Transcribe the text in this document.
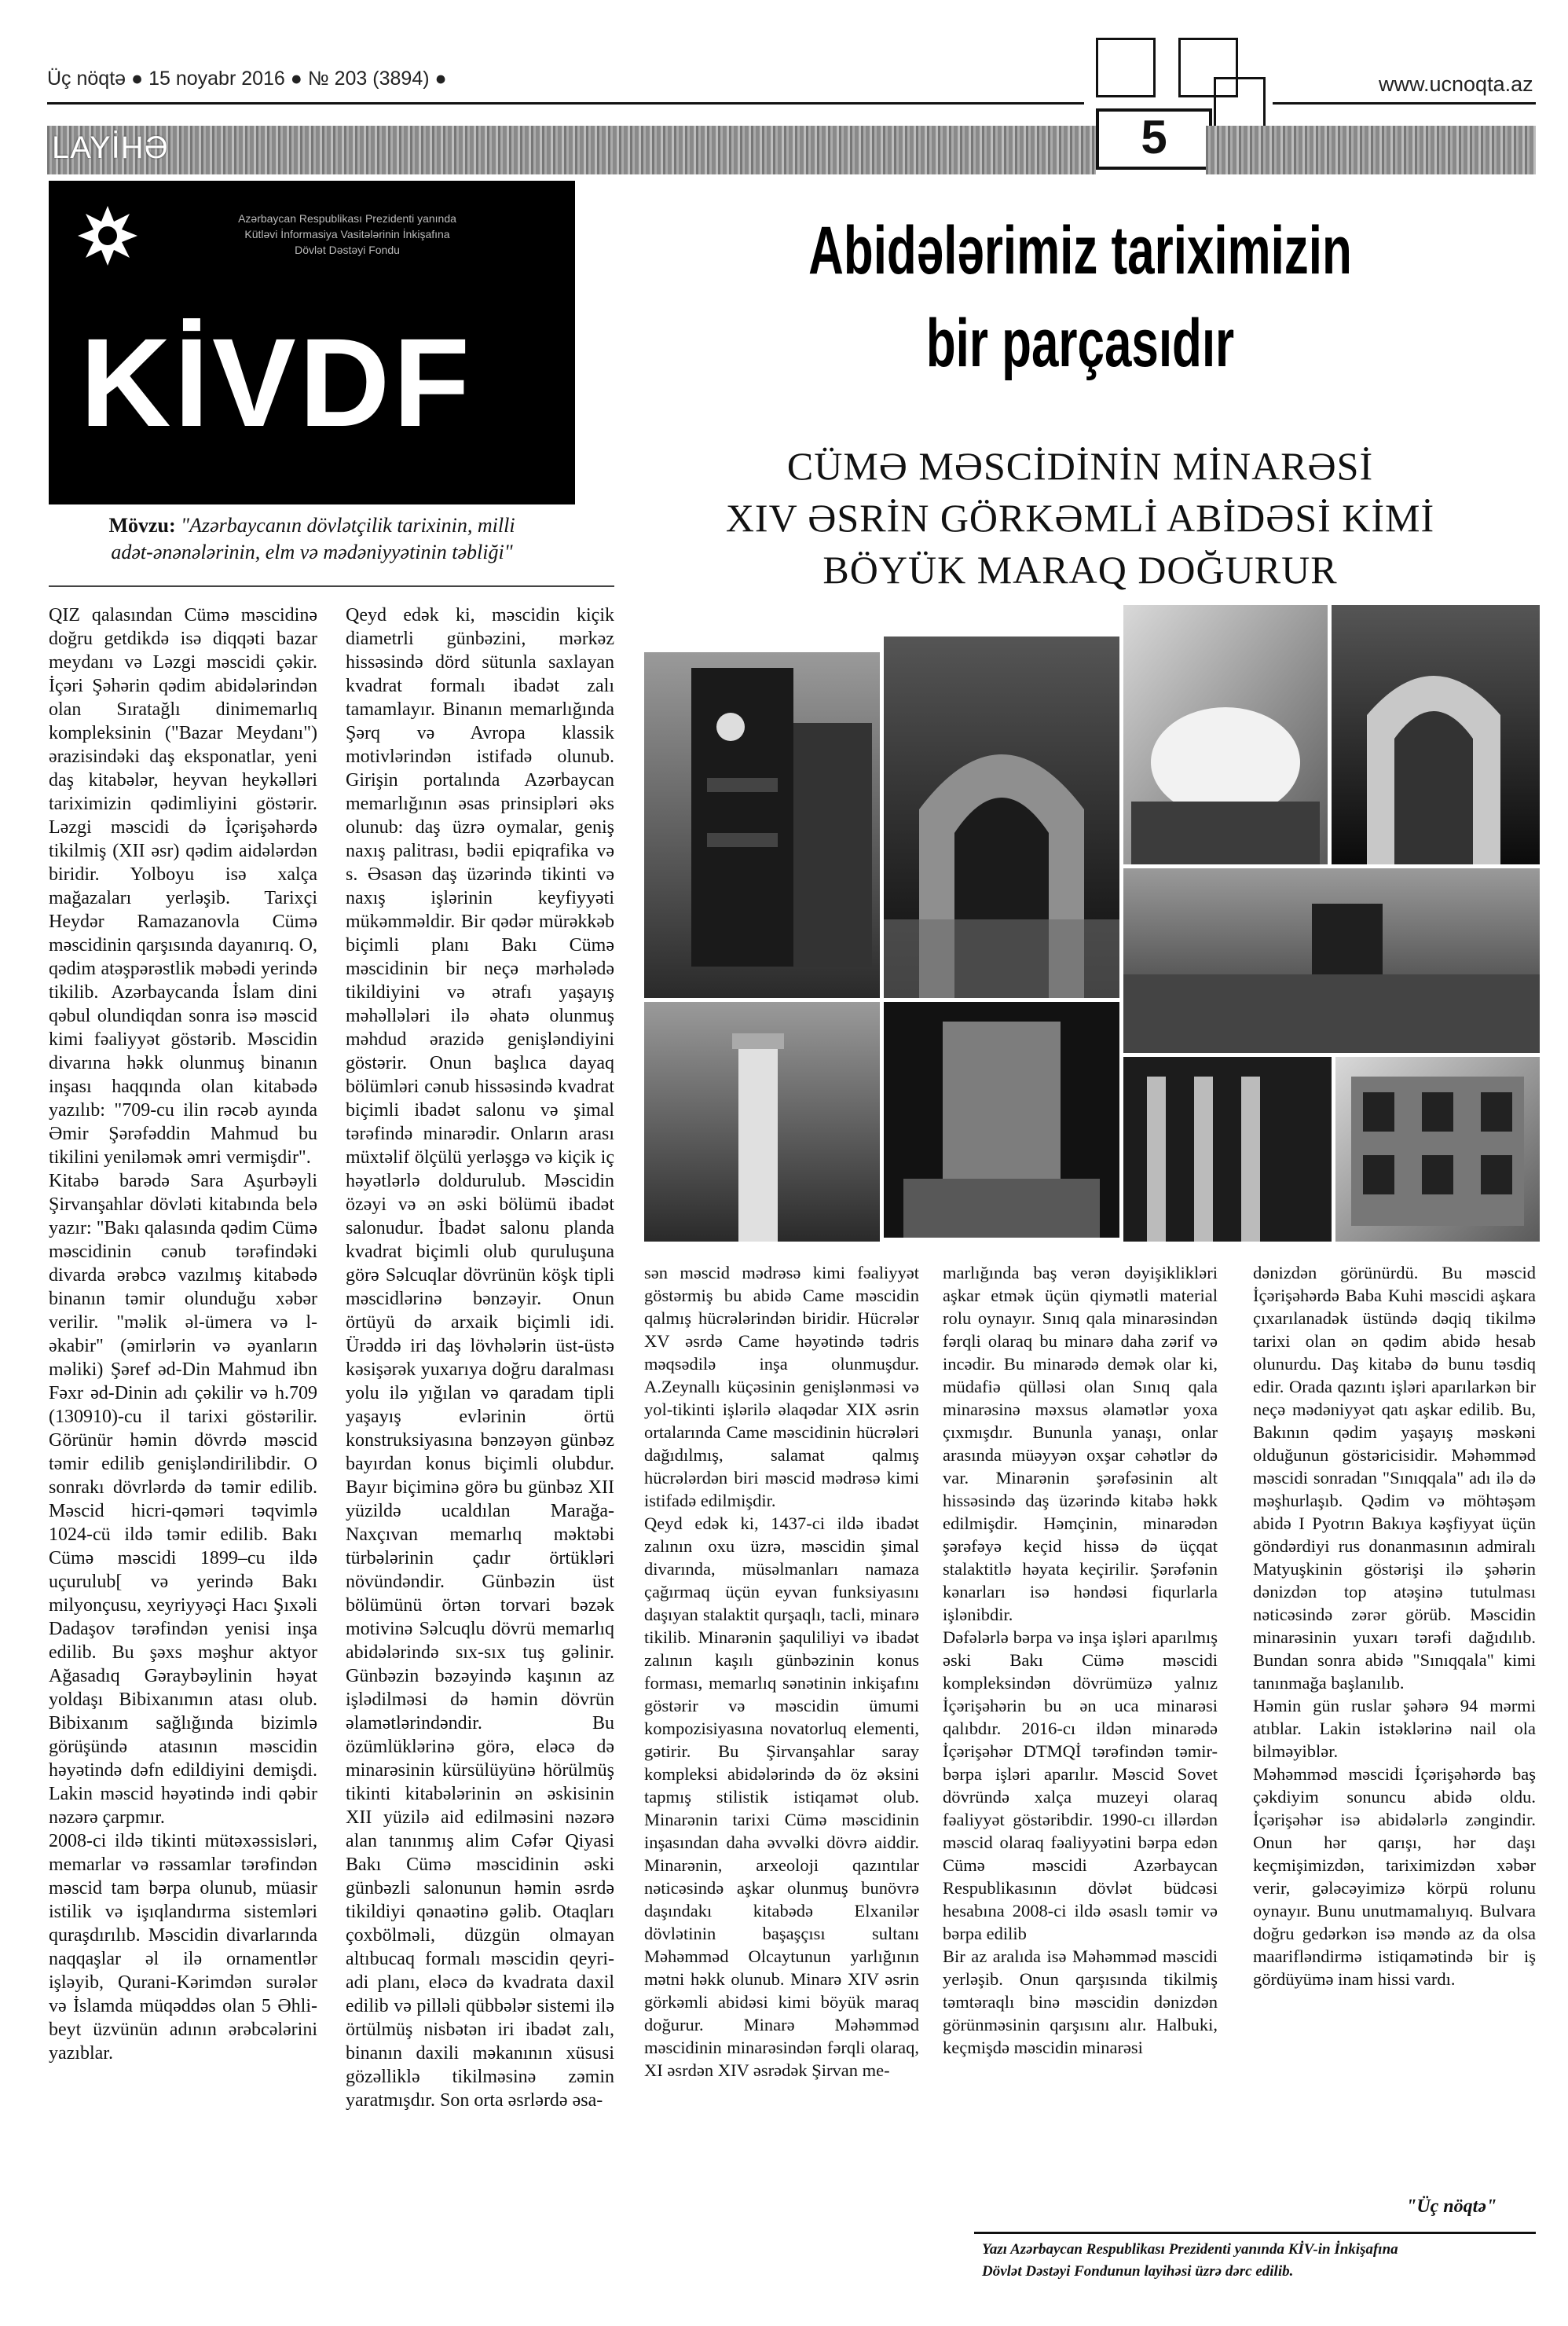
Üç nöqtə ● 15 noyabr 2016 ● № 203 (3894) ●
5
www.ucnoqta.az
LAYİHƏ
Azərbaycan Respublikası Prezidenti yanında
Kütləvi İnformasiya Vasitələrinin İnkişafına
Dövlət Dəstəyi Fondu
KİVDF
Mövzu: "Azərbaycanın dövlətçilik tarixinin, milli
adət-ənənələrinin, elm və mədəniyyətinin təbliği"
Abidələrimiz tariximizin
bir parçasıdır
CÜMƏ MƏSCİDİNİN MİNARƏSİ
XIV ƏSRİN GÖRKƏMLİ ABİDƏSİ KİMİ
BÖYÜK MARAQ DOĞURUR
QIZ qalasından Cümə məscidinə doğru getdikdə isə diqqəti bazar meydanı və Ləzgi məscidi çəkir. İçəri Şəhərin qədim abidələrindən olan Sıratağlı dinimemarlıq kompleksinin ("Bazar Meydanı") ərazisindəki daş eksponatlar, yeni daş kitabələr, heyvan heykəlləri tariximizin qədimliyini göstərir. Ləzgi məscidi də İçərişəhərdə tikilmiş (XII əsr) qədim aidələrdən biridir. Yolboyu isə xalça mağazaları yerləşib. Tarixçi Heydər Ramazanovla Cümə məscidinin qarşısında dayanırıq. O, qədim atəşpərəstlik məbədi yerində tikilib. Azərbaycanda İslam dini qəbul olundiqdan sonra isə məscid kimi fəaliyyət göstərib. Məscidin divarına həkk olunmuş binanın inşası haqqında olan kitabədə yazılıb: "709-cu ilin rəcəb ayında Əmir Şərəfəddin Mahmud bu tikilini yeniləmək əmri vermişdir".
Kitabə barədə Sara Aşurbəyli Şirvanşahlar dövləti kitabında belə yazır: "Bakı qalasında qədim Cümə məscidinin cənub tərəfindəki divarda ərəbcə vazılmış kitabədə binanın təmir olunduğu xəbər verilir. "məlik əl-ümera və l-əkabir" (əmirlərin və əyanların məliki) Şəref əd-Din Mahmud ibn Fəxr əd-Dinin adı çəkilir və h.709 (130910)-cu il tarixi göstərilir. Görünür həmin dövrdə məscid təmir edilib genişləndirilibdir. O sonrakı dövrlərdə də təmir edilib. Məscid hicri-qəməri təqvimlə 1024-cü ildə təmir edilib. Bakı Cümə məscidi 1899–cu ildə uçurulub[ və yerində Bakı milyonçusu, xeyriyyəçi Hacı Şıxəli Dadaşov tərəfindən yenisi inşa edilib. Bu şəxs məşhur aktyor Ağasadıq Gəraybəylinin həyat yoldaşı Bibixanımın atası olub. Bibixanım sağlığında bizimlə görüşündə atasının məscidin həyətində dəfn edildiyini demişdi. Lakin məscid həyətində indi qəbir nəzərə çarpmır.
2008-ci ildə tikinti mütəxəssisləri, memarlar və rəssamlar tərəfindən məscid tam bərpa olunub, müasir istilik və işıqlandırma sistemləri quraşdırılıb. Məscidin divarlarında naqqaşlar əl ilə ornamentlər işləyib, Qurani-Kərimdən surələr və İslamda müqəddəs olan 5 Əhli-beyt üzvünün adının ərəbcələrini yazıblar.
Qeyd edək ki, məscidin kiçik diametrli günbəzini, mərkəz hissəsində dörd sütunla saxlayan kvadrat formalı ibadət zalı tamamlayır. Binanın memarlığında Şərq və Avropa klassik motivlərindən istifadə olunub. Girişin portalında Azərbaycan memarlığının əsas prinsipləri əks olunub: daş üzrə oymalar, geniş naxış palitrası, bədii epiqrafika və s. Əsasən daş üzərində tikinti və naxış işlərinin keyfiyyəti mükəmməldir. Bir qədər mürəkkəb biçimli planı Bakı Cümə məscidinin bir neçə mərhələdə tikildiyini və ətrafı yaşayış məhəllələri ilə əhatə olunmuş məhdud ərazidə genişləndiyini göstərir. Onun başlıca dayaq bölümləri cənub hissəsində kvadrat biçimli ibadət salonu və şimal tərəfində minarədir. Onların arası müxtəlif ölçülü yerləşgə və kiçik iç həyətlərlə doldurulub. Məscidin özəyi və ən əski bölümü ibadət salonudur. İbadət salonu planda kvadrat biçimli olub quruluşuna görə Səlcuqlar dövrünün köşk tipli məscidlərinə bənzəyir. Onun örtüyü də arxaik biçimli idi. Ürəddə iri daş lövhələrin üst-üstə kəsişərək yuxarıya doğru daralması yolu ilə yığılan və qaradam tipli yaşayış evlərinin örtü konstruksiyasına bənzəyən günbəz bayırdan konus biçimli olubdur. Bayır biçiminə görə bu günbəz XII yüzildə ucaldılan Marağa-Naxçıvan memarlıq məktəbi türbələrinin çadır örtükləri növündəndir. Günbəzin üst bölümünü örtən torvari bəzək motivinə Səlcuqlu dövrü memarlıq abidələrində sıx-sıx tuş gəlinir. Günbəzin bəzəyində kaşının az işlədilməsi də həmin dövrün əlamətlərindəndir. Bu özümlüklərinə görə, eləcə də minarəsinin kürsülüyünə hörülmüş tikinti kitabələrinin ən əskisinin XII yüzilə aid edilməsini nəzərə alan tanınmış alim Cəfər Qiyasi Bakı Cümə məscidinin əski günbəzli salonunun həmin əsrdə tikildiyi qənaətinə gəlib. Otaqları çoxbölməli, düzgün olmayan altıbucaq formalı məscidin qeyri-adi planı, eləcə də kvadrata daxil edilib və pilləli qübbələr sistemi ilə örtülmüş nisbətən iri ibadət zalı, binanın daxili məkanının xüsusi gözəlliklə tikilməsinə zəmin yaratmışdır. Son orta əsrlərdə əsa-
sən məscid mədrəsə kimi fəaliyyət göstərmiş bu abidə Came məscidin qalmış hücrələrindən biridir. Hücrələr XV əsrdə Came həyətində tədris məqsədilə inşa olunmuşdur. A.Zeynallı küçəsinin genişlənməsi və yol-tikinti işlərilə əlaqədar XIX əsrin ortalarında Came məscidinin hücrələri dağıdılmış, salamat qalmış hücrələrdən biri məscid mədrəsə kimi istifadə edilmişdir.
Qeyd edək ki, 1437-ci ildə ibadət zalının oxu üzrə, məscidin şimal divarında, müsəlmanları namaza çağırmaq üçün eyvan funksiyasını daşıyan stalaktit qurşaqlı, tacli, minarə tikilib. Minarənin şaquliliyi və ibadət zalının kaşılı günbəzinin konus forması, memarlıq sənətinin inkişafını göstərir və məscidin ümumi kompozisiyasına novatorluq elementi, gətirir. Bu Şirvanşahlar saray kompleksi abidələrində də öz əksini tapmış stilistik istiqamət olub. Minarənin tarixi Cümə məscidinin inşasından daha əvvəlki dövrə aiddir. Minarənin, arxeoloji qazıntılar nəticəsində aşkar olunmuş bunövrə daşındakı kitabədə Elxanilər dövlətinin başaşçısı sultanı Məhəmməd Olcaytunun yarlığının mətni həkk olunub. Minarə XIV əsrin görkəmli abidəsi kimi böyük maraq doğurur. Minarə Məhəmməd məscidinin minarəsindən fərqli olaraq, XI əsrdən XIV əsrədək Şirvan me-
marlığında baş verən dəyişiklikləri aşkar etmək üçün qiymətli material rolu oynayır. Sınıq qala minarəsindən fərqli olaraq bu minarə daha zərif və incədir. Bu minarədə demək olar ki, müdafiə qülləsi olan Sınıq qala minarəsinə məxsus əlamətlər yoxa çıxmışdır. Bununla yanaşı, onlar arasında müəyyən oxşar cəhətlər də var. Minarənin şərəfəsinin alt hissəsində daş üzərində kitabə həkk edilmişdir. Həmçinin, minarədən şərəfəyə keçid hissə də üçqat stalaktitlə həyata keçirilir. Şərəfənin kənarları isə həndəsi fiqurlarla işlənibdir.
Dəfələrlə bərpa və inşa işləri aparılmış əski Bakı Cümə məscidi kompleksindən dövrümüzə yalnız İçərişəhərin bu ən uca minarəsi qalıbdır. 2016-cı ildən minarədə İçərişəhər DTMQİ tərəfindən təmir-bərpa işləri aparılır. Məscid Sovet dövründə xalça muzeyi olaraq fəaliyyət göstəribdir. 1990-cı illərdən məscid olaraq fəaliyyətini bərpa edən Cümə məscidi Azərbaycan Respublikasının dövlət büdcəsi hesabına 2008-ci ildə əsaslı təmir və bərpa edilib
Bir az aralıda isə Məhəmməd məscidi yerləşib. Onun qarşısında tikilmiş təmtəraqlı binə məscidin dənizdən görünməsinin qarşısını alır. Halbuki, keçmişdə məscidin minarəsi
dənizdən görünürdü. Bu məscid İçərişəhərdə Baba Kuhi məscidi aşkara çıxarılanadək üstündə dəqiq tikilmə tarixi olan ən qədim abidə hesab olunurdu. Daş kitabə də bunu təsdiq edir. Orada qazıntı işləri aparılarkən bir neçə mədəniyyət qatı aşkar edilib. Bu, Bakının qədim yaşayış məskəni olduğunun göstəricisidir. Məhəmməd məscidi sonradan "Sınıqqala" adı ilə də məşhurlaşıb. Qədim və möhtəşəm abidə I Pyotrın Bakıya kəşfiyyat üçün göndərdiyi rus donanmasının admiralı Matyuşkinin göstərişi ilə şəhərin dənizdən top atəşinə tutulması nəticəsində zərər görüb. Məscidin minarəsinin yuxarı tərəfi dağıdılıb. Bundan sonra abidə "Sınıqqala" kimi tanınmağa başlanılıb.
Həmin gün ruslar şəhərə 94 mərmi atıblar. Lakin istəklərinə nail ola bilməyiblər.
Məhəmməd məscidi İçərişəhərdə baş çəkdiyim sonuncu abidə oldu. İçərişəhər isə abidələrlə zəngindir. Onun hər qarışı, hər daşı keçmişimizdən, tariximizdən xəbər verir, gələcəyimizə körpü rolunu oynayır. Bunu unutmamalıyıq. Bulvara doğru gedərkən isə məndə az da olsa maarifləndirmə istiqamətində bir iş gördüyümə inam hissi vardı.
"Üç nöqtə"
Yazı Azərbaycan Respublikası Prezidenti yanında KİV-in İnkişafına
Dövlət Dəstəyi Fondunun layihəsi üzrə dərc edilib.
